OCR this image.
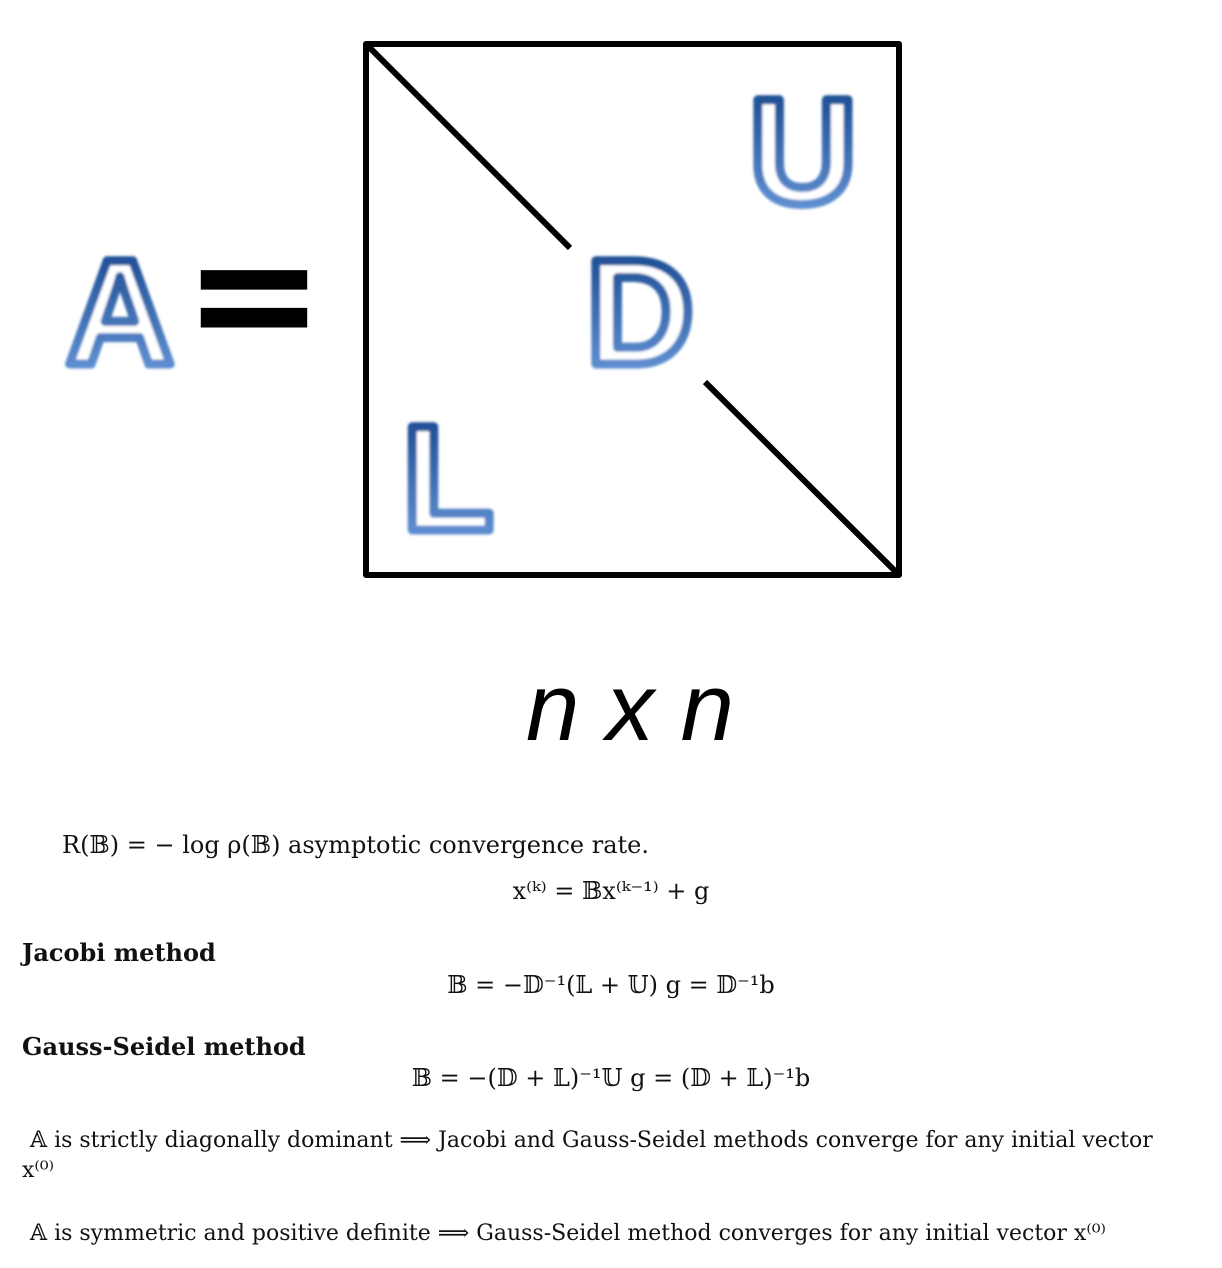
A =
U
D
L
n x n
R(𝔹) = − log ρ(𝔹) asymptotic convergence rate.
x⁽ᵏ⁾ = 𝔹x⁽ᵏ⁻¹⁾ + g
Jacobi method
𝔹 = −𝔻⁻¹(𝕃 + 𝕌) g = 𝔻⁻¹b
Gauss-Seidel method
𝔹 = −(𝔻 + 𝕃)⁻¹𝕌 g = (𝔻 + 𝕃)⁻¹b
𝔸 is strictly diagonally dominant ⟹ Jacobi and Gauss-Seidel methods converge for any initial vector
x⁽⁰⁾
𝔸 is symmetric and positive definite ⟹ Gauss-Seidel method converges for any initial vector x⁽⁰⁾
